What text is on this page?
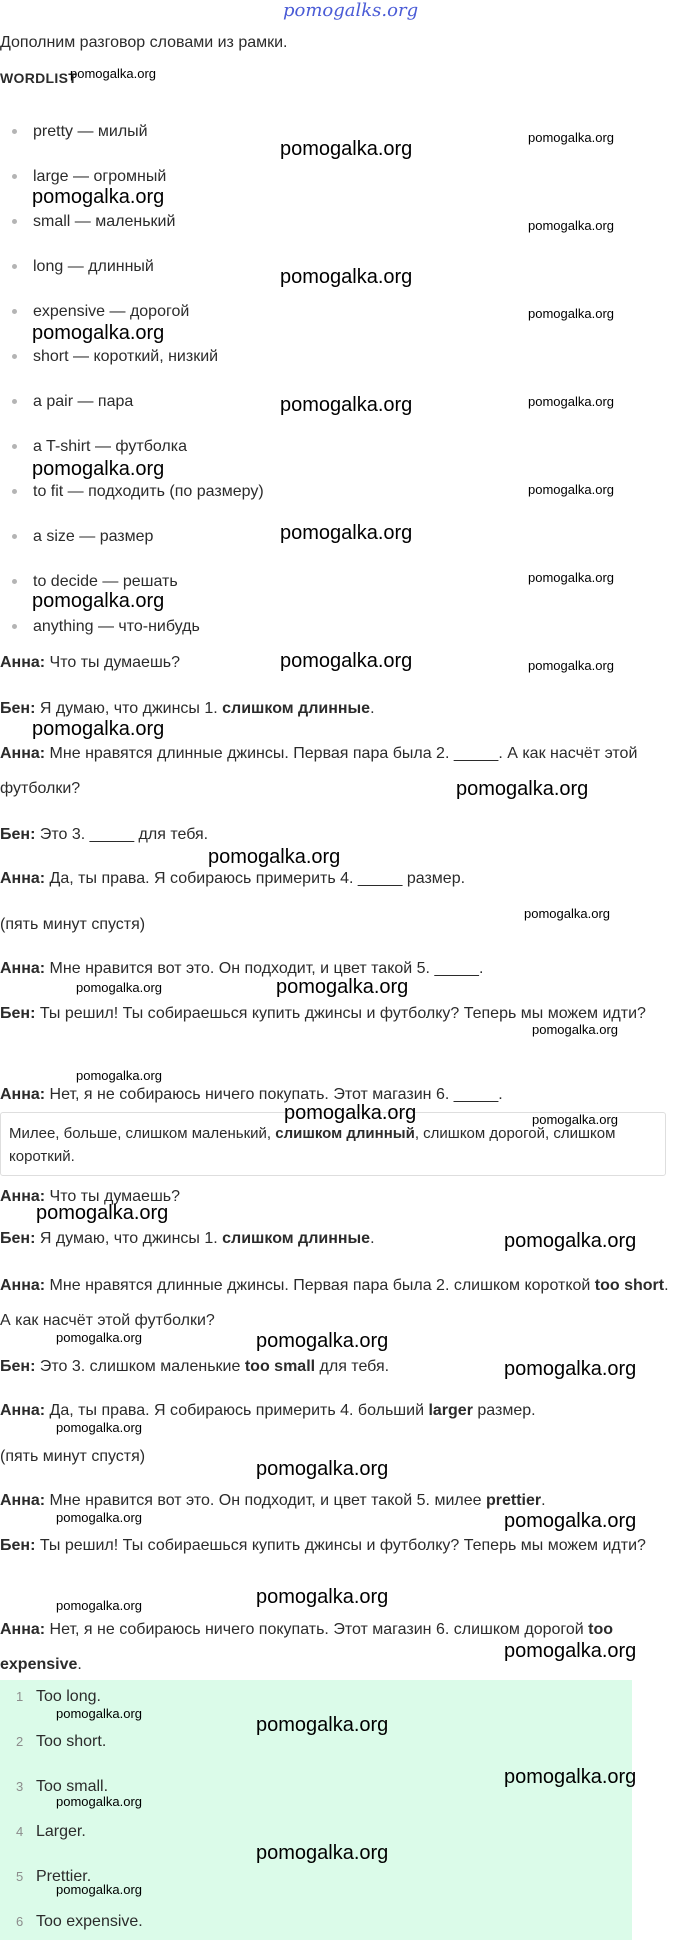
pomogalks.org
Дополним разговор словами из рамки.
WORDLIST
pretty — милый
large — огромный
small — маленький
long — длинный
expensive — дорогой
short — короткий, низкий
a pair — пара
a T-shirt — футболка
to fit — подходить (по размеру)
a size — размер
to decide — решать
anything — что-нибудь
Анна: Что ты думаешь?
Бен: Я думаю, что джинсы 1. слишком длинные.
Анна: Мне нравятся длинные джинсы. Первая пара была 2. _____. А как насчёт этой футболки?
Бен: Это 3. _____ для тебя.
Анна: Да, ты права. Я собираюсь примерить 4. _____ размер.
(пять минут спустя)
Анна: Мне нравится вот это. Он подходит, и цвет такой 5. _____.
Бен: Ты решил! Ты собираешься купить джинсы и футболку? Теперь мы можем идти?
Анна: Нет, я не собираюсь ничего покупать. Этот магазин 6. _____.
Милее, больше, слишком маленький, слишком длинный, слишком дорогой, слишком короткий.
Анна: Что ты думаешь?
Бен: Я думаю, что джинсы 1. слишком длинные.
Анна: Мне нравятся длинные джинсы. Первая пара была 2. слишком короткой too short. А как насчёт этой футболки?
Бен: Это 3. слишком маленькие too small для тебя.
Анна: Да, ты права. Я собираюсь примерить 4. больший larger размер.
(пять минут спустя)
Анна: Мне нравится вот это. Он подходит, и цвет такой 5. милее prettier.
Бен: Ты решил! Ты собираешься купить джинсы и футболку? Теперь мы можем идти?
Анна: Нет, я не собираюсь ничего покупать. Этот магазин 6. слишком дорогой too expensive.
1 Too long.
2 Too short.
3 Too small.
4 Larger.
5 Prettier.
6 Too expensive.
pomogalka.org
pomogalka.org
pomogalka.org
pomogalka.org
pomogalka.org
pomogalka.org
pomogalka.org
pomogalka.org
pomogalka.org	pomogalka.org
pomogalka.org
pomogalka.org
pomogalka.org
pomogalka.org
pomogalka.org
pomogalka.org	pomogalka.org
pomogalka.org
pomogalka.org
pomogalka.org
pomogalka.org
pomogalka.org
pomogalka.org
pomogalka.org
pomogalka.org
pomogalka.org	pomogalka.org
pomogalka.org
pomogalka.org
pomogalka.org	pomogalka.org
pomogalka.org
pomogalka.org
pomogalka.org
pomogalka.org
pomogalka.org
pomogalka.org	pomogalka.org
pomogalka.org
pomogalka.org
pomogalka.org
pomogalka.org
pomogalka.org
pomogalka.org
pomogalka.org
